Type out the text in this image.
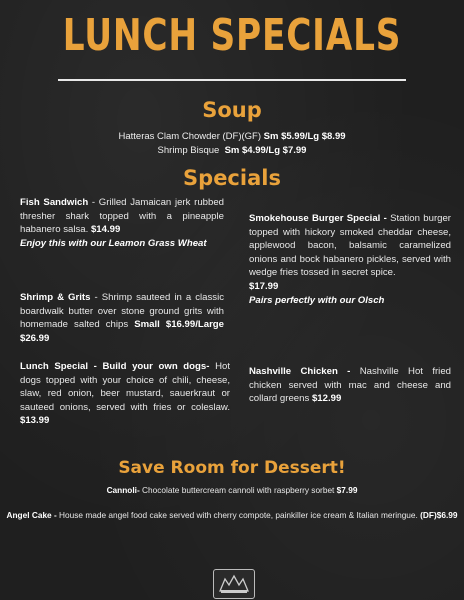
LUNCH SPECIALS
Soup
Hatteras Clam Chowder (DF)(GF) Sm $5.99/Lg $8.99
Shrimp Bisque Sm $4.99/Lg $7.99
Specials
Fish Sandwich - Grilled Jamaican jerk rubbed thresher shark topped with a pineapple habanero salsa. $14.99
Enjoy this with our Leamon Grass Wheat
Shrimp & Grits - Shrimp sauteed in a classic boardwalk butter over stone ground grits with homemade salted chips Small $16.99/Large $26.99
Lunch Special - Build your own dogs- Hot dogs topped with your choice of chili, cheese, slaw, red onion, beer mustard, sauerkraut or sauteed onions, served with fries or coleslaw. $13.99
Smokehouse Burger Special - Station burger topped with hickory smoked cheddar cheese, applewood bacon, balsamic caramelized onions and bock habanero pickles, served with wedge fries tossed in secret spice.
$17.99
Pairs perfectly with our Olsch
Nashville Chicken - Nashville Hot fried chicken served with mac and cheese and collard greens $12.99
Save Room for Dessert!
Cannoli- Chocolate buttercream cannoli with raspberry sorbet $7.99
Angel Cake - House made angel food cake served with cherry compote, painkiller ice cream & Italian meringue. (DF)$6.99
